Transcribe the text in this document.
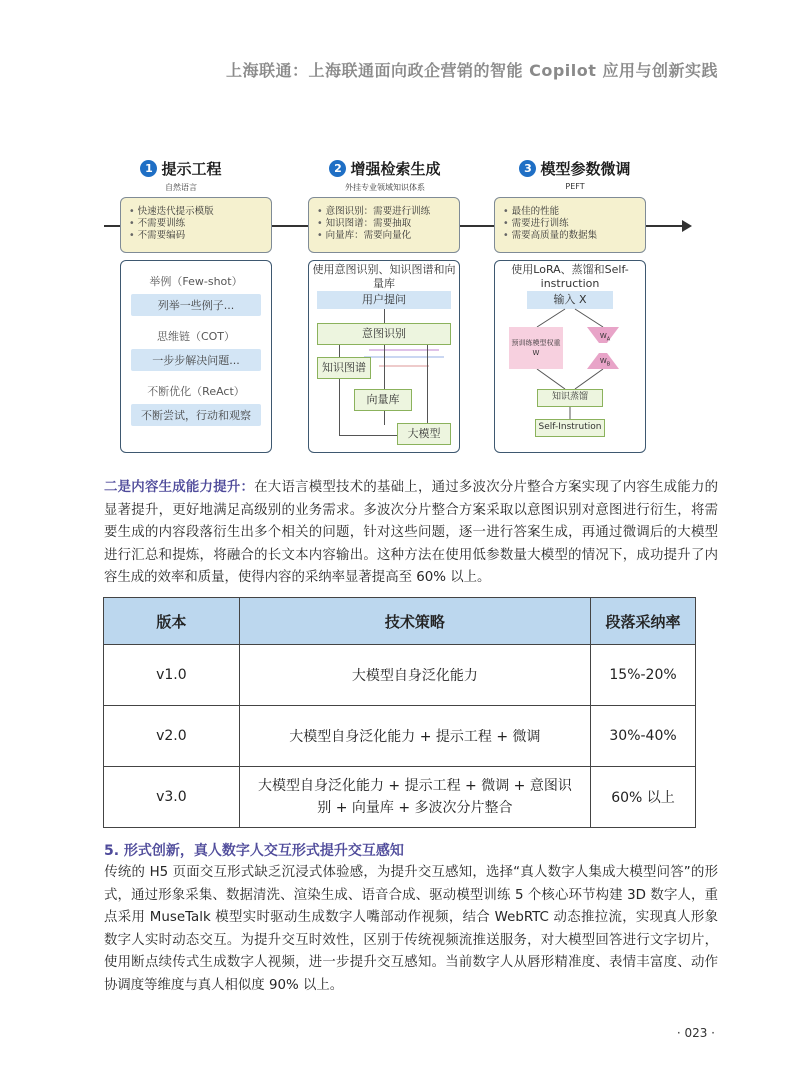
上海联通：上海联通面向政企营销的智能 Copilot 应用与创新实践
1 提示工程
自然语言
2 增强检索生成
外挂专业领域知识体系
3 模型参数微调
PEFT
• 快速迭代提示模版
• 不需要训练
• 不需要编码
• 意图识别：需要进行训练
• 知识图谱：需要抽取
• 向量库：需要向量化
• 最佳的性能
• 需要进行训练
• 需要高质量的数据集
举例（Few-shot）
列举一些例子...
思维链（COT）
一步步解决问题...
不断优化（ReAct）
不断尝试，行动和观察
使用意图识别、知识图谱和向量库
用户提问
意图识别
知识图谱
向量库
大模型
使用LoRA、蒸馏和Self-instruction
输入 X
预训练模型权重 W
$W_A$
$W_B$
知识蒸馏
Self-Instrution
二是内容生成能力提升：在大语言模型技术的基础上，通过多波次分片整合方案实现了内容生成能力的显著提升，更好地满足高级别的业务需求。多波次分片整合方案采取以意图识别对意图进行衍生，将需要生成的内容段落衍生出多个相关的问题，针对这些问题，逐一进行答案生成，再通过微调后的大模型进行汇总和提炼，将融合的长文本内容输出。这种方法在使用低参数量大模型的情况下，成功提升了内容生成的效率和质量，使得内容的采纳率显著提高至 60% 以上。
版本	技术策略	段落采纳率
v1.0	大模型自身泛化能力	15%-20%
v2.0	大模型自身泛化能力 + 提示工程 + 微调	30%-40%
v3.0	大模型自身泛化能力 + 提示工程 + 微调 + 意图识别 + 向量库 + 多波次分片整合	60% 以上
5. 形式创新，真人数字人交互形式提升交互感知
传统的 H5 页面交互形式缺乏沉浸式体验感，为提升交互感知，选择“真人数字人集成大模型问答”的形式，通过形象采集、数据清洗、渲染生成、语音合成、驱动模型训练 5 个核心环节构建 3D 数字人，重点采用 MuseTalk 模型实时驱动生成数字人嘴部动作视频，结合 WebRTC 动态推拉流，实现真人形象数字人实时动态交互。为提升交互时效性，区别于传统视频流推送服务，对大模型回答进行文字切片，使用断点续传式生成数字人视频，进一步提升交互感知。当前数字人从唇形精准度、表情丰富度、动作协调度等维度与真人相似度 90% 以上。
· 023 ·
